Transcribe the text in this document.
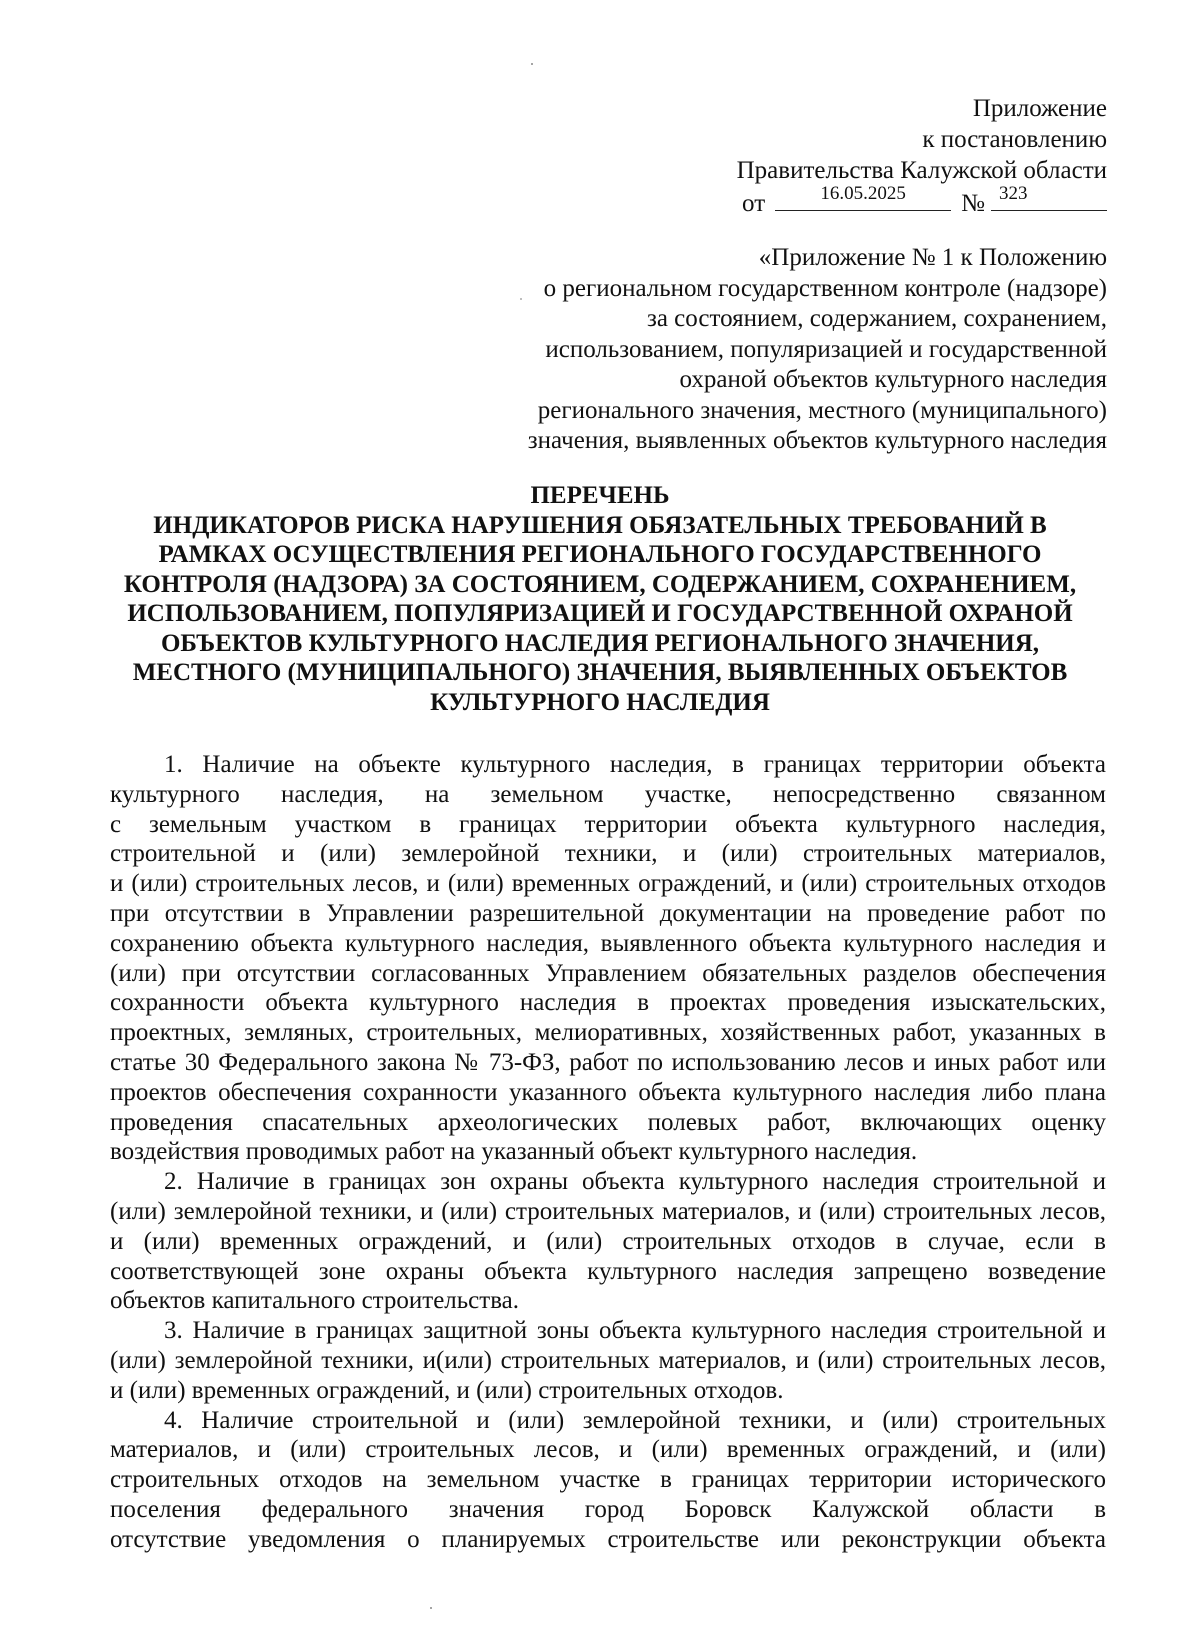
Приложение
к постановлению
Правительства Калужской области
от	16.05.2025	№ 323
«Приложение № 1 к Положению
о региональном государственном контроле (надзоре)
за состоянием, содержанием, сохранением,
использованием, популяризацией и государственной
охраной объектов культурного наследия
регионального значения, местного (муниципального)
значения, выявленных объектов культурного наследия
ПЕРЕЧЕНЬ
ИНДИКАТОРОВ РИСКА НАРУШЕНИЯ ОБЯЗАТЕЛЬНЫХ ТРЕБОВАНИЙ В
РАМКАХ ОСУЩЕСТВЛЕНИЯ РЕГИОНАЛЬНОГО ГОСУДАРСТВЕННОГО
КОНТРОЛЯ (НАДЗОРА) ЗА СОСТОЯНИЕМ, СОДЕРЖАНИЕМ, СОХРАНЕНИЕМ,
ИСПОЛЬЗОВАНИЕМ, ПОПУЛЯРИЗАЦИЕЙ И ГОСУДАРСТВЕННОЙ ОХРАНОЙ
ОБЪЕКТОВ КУЛЬТУРНОГО НАСЛЕДИЯ РЕГИОНАЛЬНОГО ЗНАЧЕНИЯ,
МЕСТНОГО (МУНИЦИПАЛЬНОГО) ЗНАЧЕНИЯ, ВЫЯВЛЕННЫХ ОБЪЕКТОВ
КУЛЬТУРНОГО НАСЛЕДИЯ

1. Наличие на объекте культурного наследия, в границах территории объекта
культурного наследия, на земельном участке, непосредственно связанном
с земельным участком в границах территории объекта культурного наследия,
строительной и (или) землеройной техники, и (или) строительных материалов,
и (или) строительных лесов, и (или) временных ограждений, и (или) строительных отходов
при отсутствии в Управлении разрешительной документации на проведение работ по
сохранению объекта культурного наследия, выявленного объекта культурного наследия и
(или) при отсутствии согласованных Управлением обязательных разделов обеспечения
сохранности объекта культурного наследия в проектах проведения изыскательских,
проектных, земляных, строительных, мелиоративных, хозяйственных работ, указанных в
статье 30 Федерального закона № 73-ФЗ, работ по использованию лесов и иных работ или
проектов обеспечения сохранности указанного объекта культурного наследия либо плана
проведения спасательных археологических полевых работ, включающих оценку
воздействия проводимых работ на указанный объект культурного наследия.

2. Наличие в границах зон охраны объекта культурного наследия строительной и
(или) землеройной техники, и (или) строительных материалов, и (или) строительных лесов,
и (или) временных ограждений, и (или) строительных отходов в случае, если в
соответствующей зоне охраны объекта культурного наследия запрещено возведение
объектов капитального строительства.

3. Наличие в границах защитной зоны объекта культурного наследия строительной и
(или) землеройной техники, и(или) строительных материалов, и (или) строительных лесов,
и (или) временных ограждений, и (или) строительных отходов.

4. Наличие строительной и (или) землеройной техники, и (или) строительных
материалов, и (или) строительных лесов, и (или) временных ограждений, и (или)
строительных отходов на земельном участке в границах территории исторического
поселения федерального значения город Боровск Калужской области в
отсутствие уведомления о планируемых строительстве или реконструкции объекта
